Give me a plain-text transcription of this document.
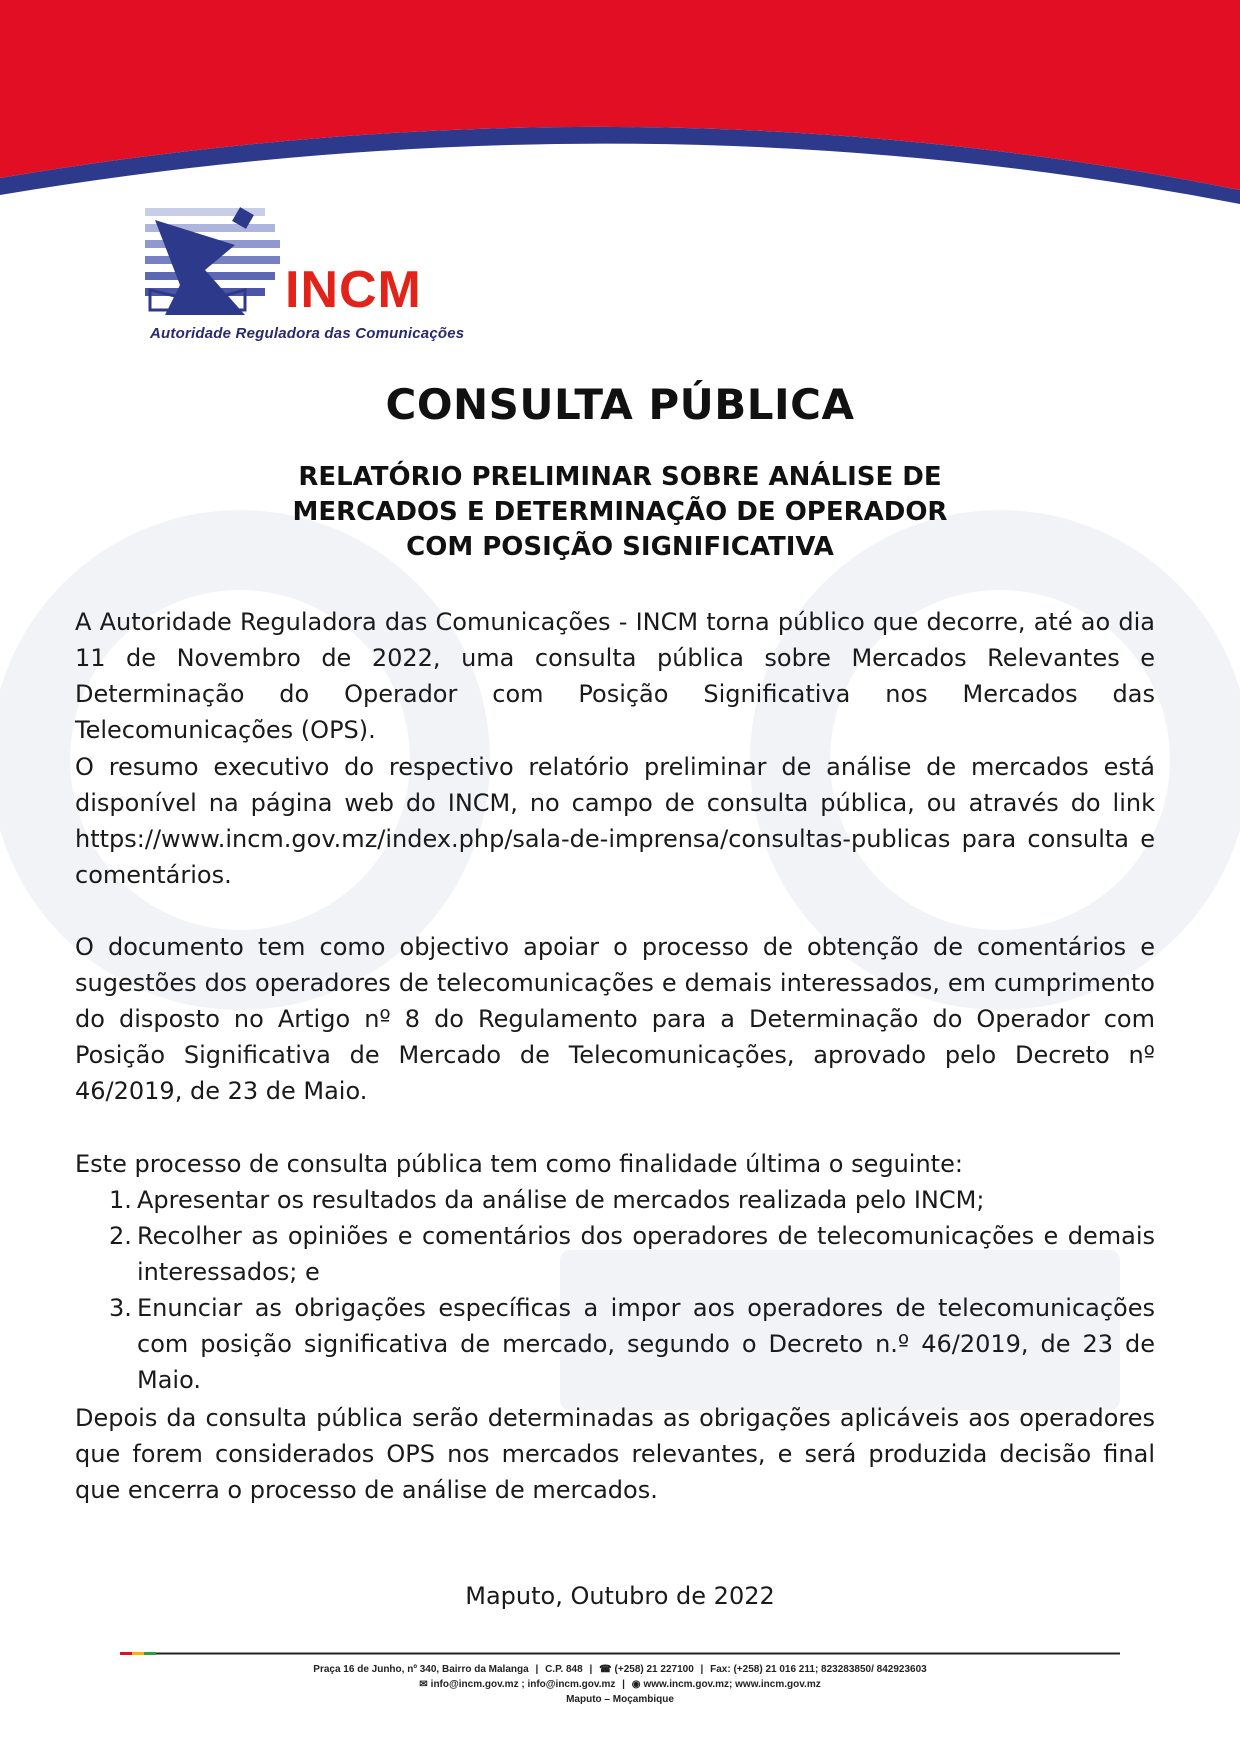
INCM
Autoridade Reguladora das Comunicações
CONSULTA PÚBLICA
RELATÓRIO PRELIMINAR SOBRE ANÁLISE DE
MERCADOS E DETERMINAÇÃO DE OPERADOR
COM POSIÇÃO SIGNIFICATIVA

A Autoridade Reguladora das Comunicações - INCM torna público que decorre, até ao dia 11 de Novembro de 2022, uma consulta pública sobre Mercados Relevantes e Determinação do Operador com Posição Significativa nos Mercados das Telecomunicações (OPS).

O resumo executivo do respectivo relatório preliminar de análise de mercados está disponível na página web do INCM, no campo de consulta pública, ou através do link https://www.incm.gov.mz/index.php/sala-de-imprensa/consultas-publicas para consulta e comentários.

O documento tem como objectivo apoiar o processo de obtenção de comentários e sugestões dos operadores de telecomunicações e demais interessados, em cumprimento do disposto no Artigo nº 8 do Regulamento para a Determinação do Operador com Posição Significativa de Mercado de Telecomunicações, aprovado pelo Decreto nº 46/2019, de 23 de Maio.

Este processo de consulta pública tem como finalidade última o seguinte:
1. Apresentar os resultados da análise de mercados realizada pelo INCM;
2. Recolher as opiniões e comentários dos operadores de telecomunicações e demais interessados; e
3. Enunciar as obrigações específicas a impor aos operadores de telecomunicações com posição significativa de mercado, segundo o Decreto n.º 46/2019, de 23 de Maio.

Depois da consulta pública serão determinadas as obrigações aplicáveis aos operadores que forem considerados OPS nos mercados relevantes, e será produzida decisão final que encerra o processo de análise de mercados.

Maputo, Outubro de 2022
Praça 16 de Junho, nº 340, Bairro da Malanga | C.P. 848 | ☎ (+258) 21 227100 | Fax: (+258) 21 016 211; 823283850/ 842923603
✉ info@incm.gov.mz ; info@incm.gov.mz | ◉ www.incm.gov.mz; www.incm.gov.mz
Maputo – Moçambique
